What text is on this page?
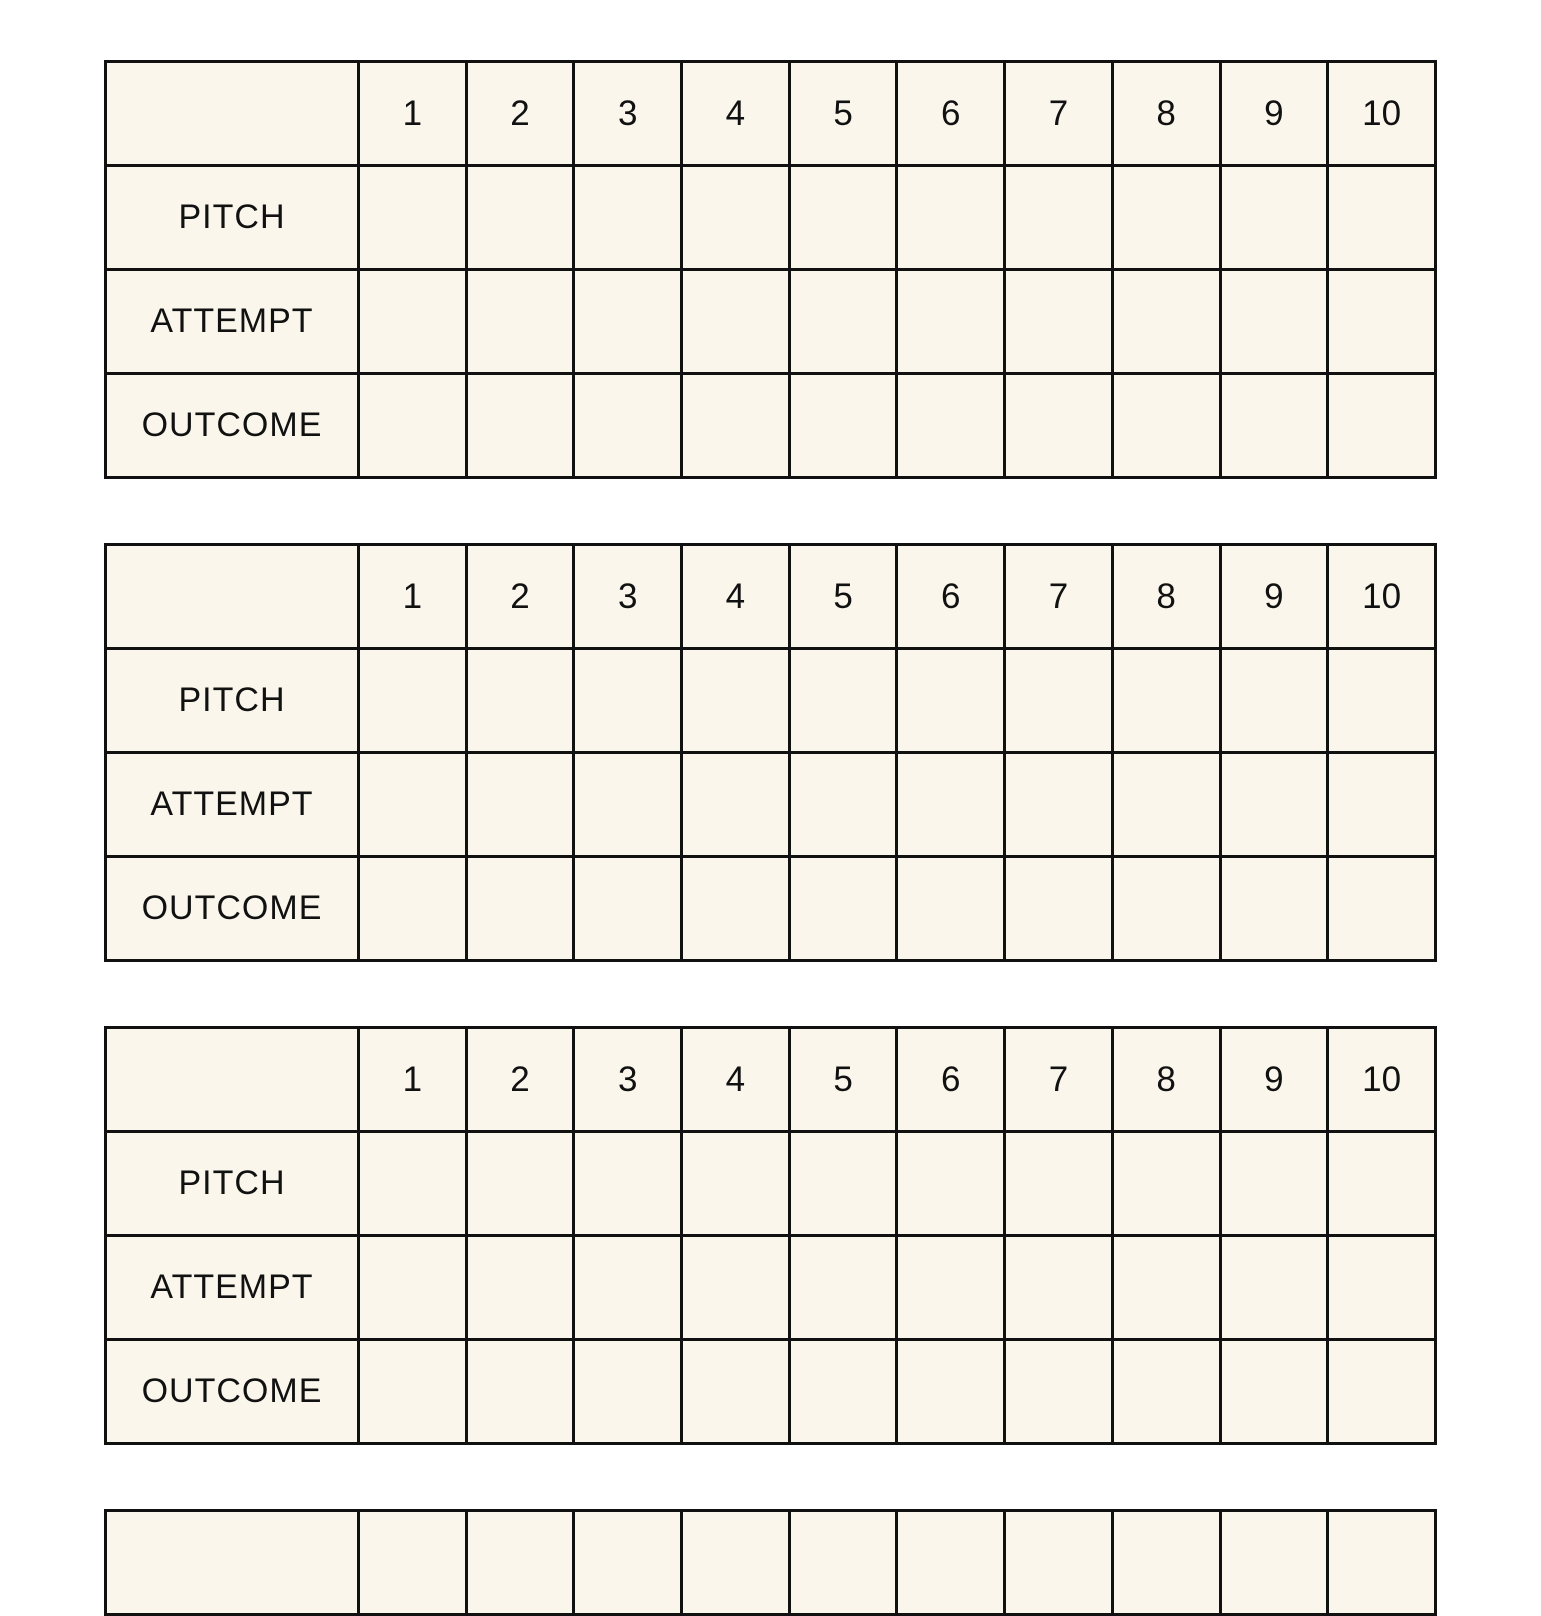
	1	2	3	4	5	6	7	8	9	10
PITCH										
ATTEMPT										
OUTCOME										
	1	2	3	4	5	6	7	8	9	10
PITCH										
ATTEMPT										
OUTCOME										
	1	2	3	4	5	6	7	8	9	10
PITCH										
ATTEMPT										
OUTCOME										
